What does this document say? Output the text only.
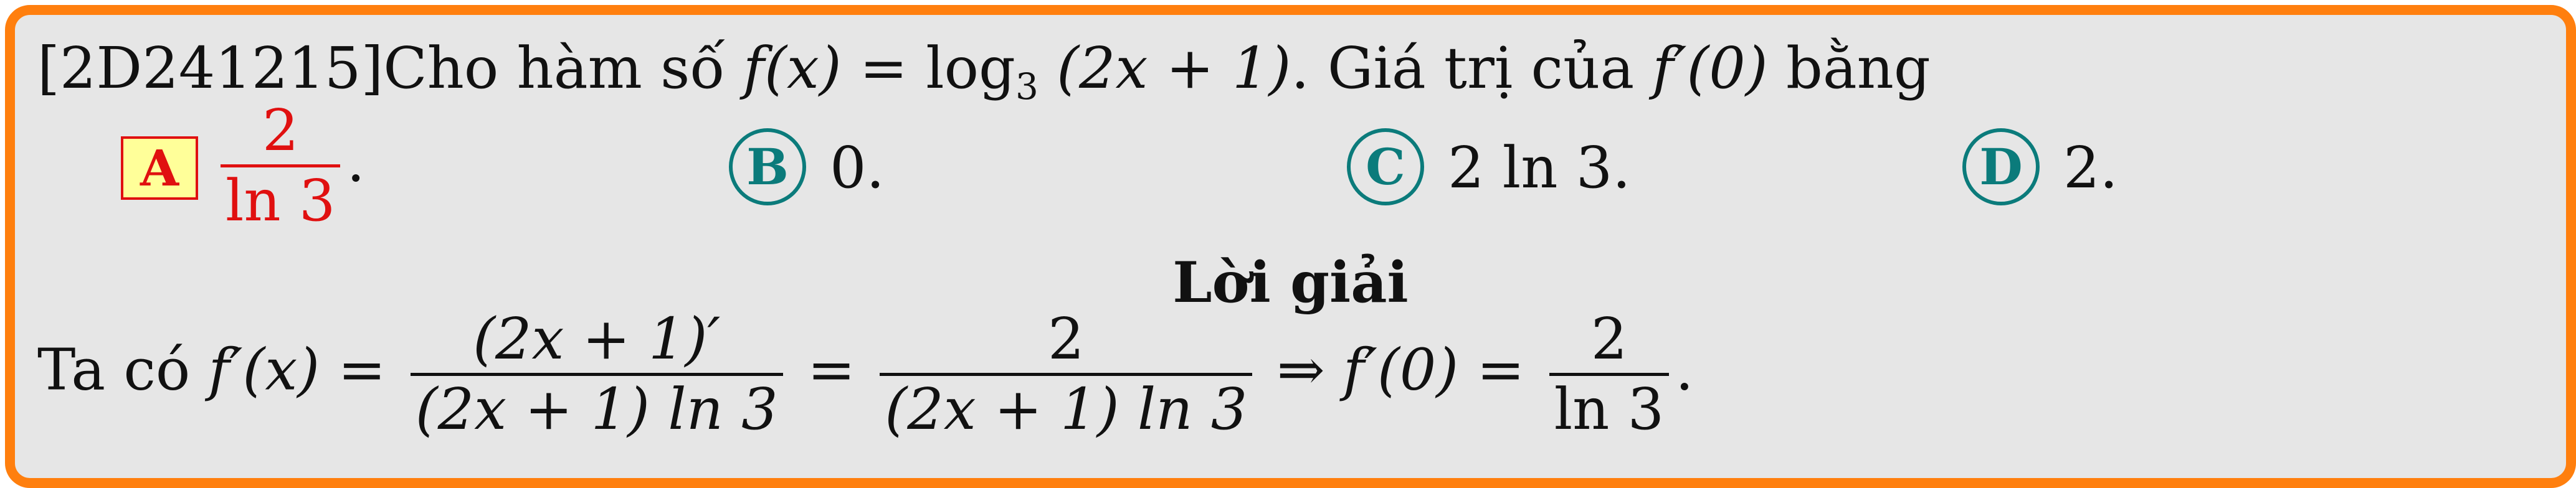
[2D241215]Cho hàm số $f(x) = \log_3 (2x + 1)$. Giá trị của f′(0) bằng
A $\frac{2}{\ln 3}$ .	B 0.	C 2 ln 3.	D 2.
Lời giải
Ta có $f'(x) = \frac{(2x + 1)'}{(2x + 1) \ln 3} = \frac{2}{(2x + 1) \ln 3}$ ⇒ $f'(0) = \frac{2}{\ln 3}$ .
